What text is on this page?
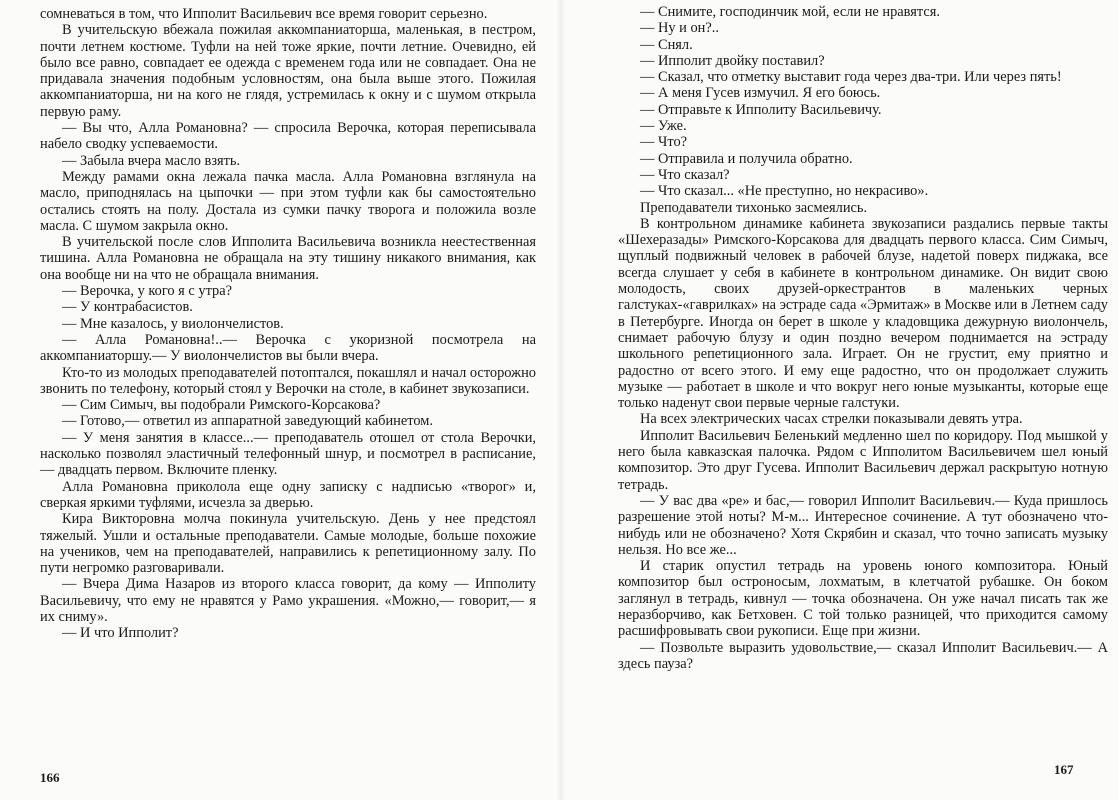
сомневаться в том, что Ипполит Васильевич все время говорит серьезно.

В учительскую вбежала пожилая аккомпаниаторша, маленькая, в пестром, почти летнем костюме. Туфли на ней тоже яркие, почти летние. Очевидно, ей было все равно, совпадает ее одежда с временем года или не совпадает. Она не придавала значения подобным условностям, она была выше этого. Пожилая аккомпаниаторша, ни на кого не глядя, устремилась к окну и с шумом открыла первую раму.

— Вы что, Алла Романовна? — спросила Верочка, которая переписывала набело сводку успеваемости.

— Забыла вчера масло взять.

Между рамами окна лежала пачка масла. Алла Романовна взглянула на масло, приподнялась на цыпочки — при этом туфли как бы самостоятельно остались стоять на полу. Достала из сумки пачку творога и положила возле масла. С шумом закрыла окно.

В учительской после слов Ипполита Васильевича возникла неестественная тишина. Алла Романовна не обращала на эту тишину никакого внимания, как она вообще ни на что не обращала внимания.

— Верочка, у кого я с утра?

— У контрабасистов.

— Мне казалось, у виолончелистов.

— Алла Романовна!..— Верочка с укоризной посмотрела на аккомпаниаторшу.— У виолончелистов вы были вчера.

Кто-то из молодых преподавателей потоптался, покашлял и начал осторожно звонить по телефону, который стоял у Верочки на столе, в кабинет звукозаписи.

— Сим Симыч, вы подобрали Римского-Корсакова?

— Готово,— ответил из аппаратной заведующий кабинетом.

— У меня занятия в классе...— преподаватель отошел от стола Верочки, насколько позволял эластичный телефонный шнур, и посмотрел в расписание,— двадцать первом. Включите пленку.

Алла Романовна приколола еще одну записку с надписью «творог» и, сверкая яркими туфлями, исчезла за дверью.

Кира Викторовна молча покинула учительскую. День у нее предстоял тяжелый. Ушли и остальные преподаватели. Самые молодые, больше похожие на учеников, чем на преподавателей, направились к репетиционному залу. По пути негромко разговаривали.

— Вчера Дима Назаров из второго класса говорит, да кому — Ипполиту Васильевичу, что ему не нравятся у Рамо украшения. «Можно,— говорит,— я их сниму».

— И что Ипполит?

166

— Снимите, господинчик мой, если не нравятся.

— Ну и он?..

— Снял.

— Ипполит двойку поставил?

— Сказал, что отметку выставит года через два-три. Или через пять!

— А меня Гусев измучил. Я его боюсь.

— Отправьте к Ипполиту Васильевичу.

— Уже.

— Что?

— Отправила и получила обратно.

— Что сказал?

— Что сказал... «Не преступно, но некрасиво».

Преподаватели тихонько засмеялись.

В контрольном динамике кабинета звукозаписи раздались первые такты «Шехеразады» Римского-Корсакова для двадцать первого класса. Сим Симыч, щуплый подвижный человек в рабочей блузе, надетой поверх пиджака, все всегда слушает у себя в кабинете в контрольном динамике. Он видит свою молодость, своих друзей-оркестрантов в маленьких черных галстуках-«гаврилках» на эстраде сада «Эрмитаж» в Москве или в Летнем саду в Петербурге. Иногда он берет в школе у кладовщика дежурную виолончель, снимает рабочую блузу и один поздно вечером поднимается на эстраду школьного репетиционного зала. Играет. Он не грустит, ему приятно и радостно от всего этого. И ему еще радостно, что он продолжает служить музыке — работает в школе и что вокруг него юные музыканты, которые еще только наденут свои первые черные галстуки.

На всех электрических часах стрелки показывали девять утра.

Ипполит Васильевич Беленький медленно шел по коридору. Под мышкой у него была кавказская палочка. Рядом с Ипполитом Васильевичем шел юный композитор. Это друг Гусева. Ипполит Васильевич держал раскрытую нотную тетрадь.

— У вас два «ре» и бас,— говорил Ипполит Васильевич.— Куда пришлось разрешение этой ноты? М-м... Интересное сочинение. А тут обозначено что-нибудь или не обозначено? Хотя Скрябин и сказал, что точно записать музыку нельзя. Но все же...

И старик опустил тетрадь на уровень юного композитора. Юный композитор был остроносым, лохматым, в клетчатой рубашке. Он боком заглянул в тетрадь, кивнул — точка обозначена. Он уже начал писать так же неразборчиво, как Бетховен. С той только разницей, что приходится самому расшифровывать свои рукописи. Еще при жизни.

— Позвольте выразить удовольствие,— сказал Ипполит Васильевич.— А здесь пауза?

167
